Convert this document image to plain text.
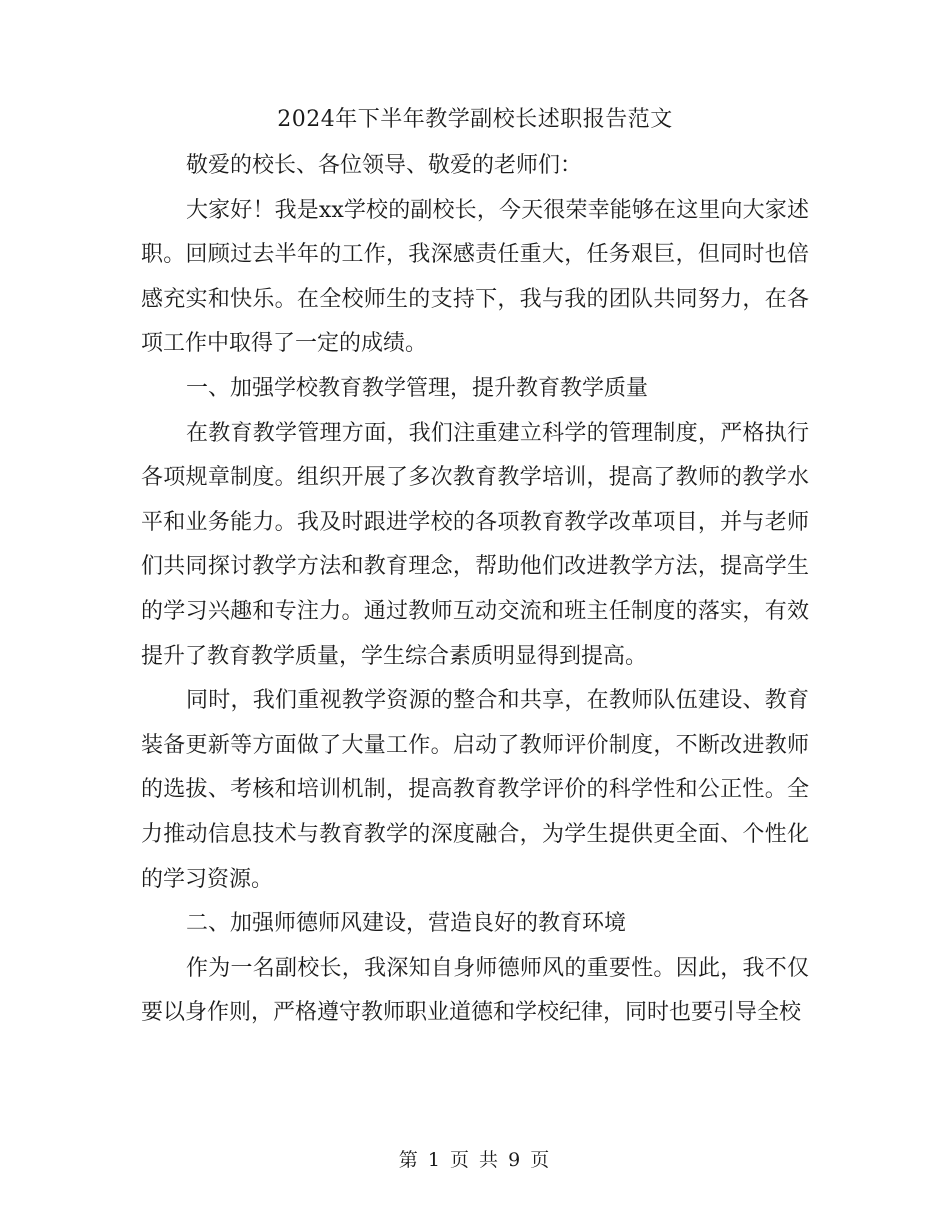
2024年下半年教学副校长述职报告范文

敬爱的校长、各位领导、敬爱的老师们：

大家好！我是xx学校的副校长，今天很荣幸能够在这里向大家述职。回顾过去半年的工作，我深感责任重大，任务艰巨，但同时也倍感充实和快乐。在全校师生的支持下，我与我的团队共同努力，在各项工作中取得了一定的成绩。

一、加强学校教育教学管理，提升教育教学质量

在教育教学管理方面，我们注重建立科学的管理制度，严格执行各项规章制度。组织开展了多次教育教学培训，提高了教师的教学水平和业务能力。我及时跟进学校的各项教育教学改革项目，并与老师们共同探讨教学方法和教育理念，帮助他们改进教学方法，提高学生的学习兴趣和专注力。通过教师互动交流和班主任制度的落实，有效提升了教育教学质量，学生综合素质明显得到提高。

同时，我们重视教学资源的整合和共享，在教师队伍建设、教育装备更新等方面做了大量工作。启动了教师评价制度，不断改进教师的选拔、考核和培训机制，提高教育教学评价的科学性和公正性。全力推动信息技术与教育教学的深度融合，为学生提供更全面、个性化的学习资源。

二、加强师德师风建设，营造良好的教育环境

作为一名副校长，我深知自身师德师风的重要性。因此，我不仅要以身作则，严格遵守教师职业道德和学校纪律，同时也要引导全校

第 1 页 共 9 页
